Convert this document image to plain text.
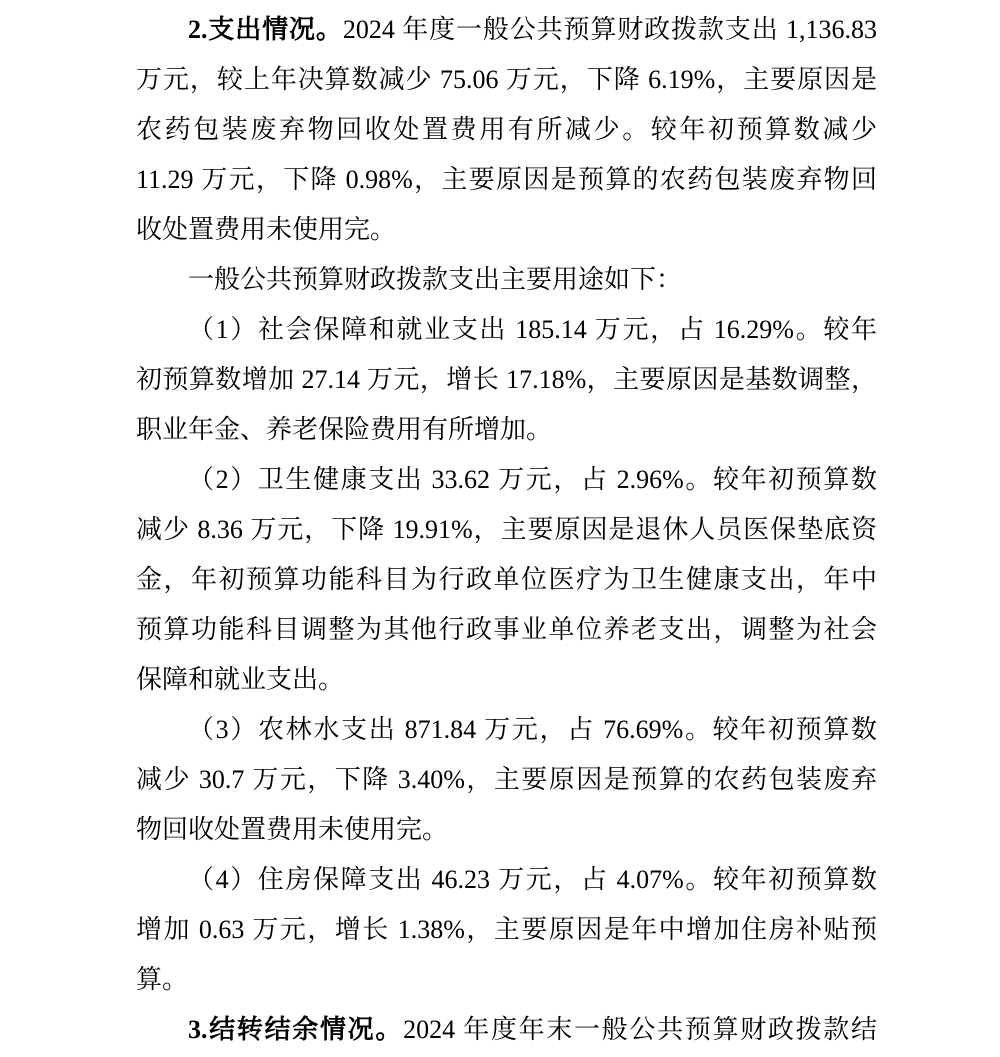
2.支出情况。2024 年度一般公共预算财政拨款支出 1,136.83
万元，较上年决算数减少 75.06 万元，下降 6.19%，主要原因是
农药包装废弃物回收处置费用有所减少。较年初预算数减少
11.29 万元，下降 0.98%，主要原因是预算的农药包装废弃物回
收处置费用未使用完。
一般公共预算财政拨款支出主要用途如下：
（1）社会保障和就业支出 185.14 万元，占 16.29%。较年
初预算数增加 27.14 万元，增长 17.18%，主要原因是基数调整，
职业年金、养老保险费用有所增加。
（2）卫生健康支出 33.62 万元，占 2.96%。较年初预算数
减少 8.36 万元，下降 19.91%，主要原因是退休人员医保垫底资
金，年初预算功能科目为行政单位医疗为卫生健康支出，年中
预算功能科目调整为其他行政事业单位养老支出，调整为社会
保障和就业支出。
（3）农林水支出 871.84 万元，占 76.69%。较年初预算数
减少 30.7 万元，下降 3.40%，主要原因是预算的农药包装废弃
物回收处置费用未使用完。
（4）住房保障支出 46.23 万元，占 4.07%。较年初预算数
增加 0.63 万元，增长 1.38%，主要原因是年中增加住房补贴预
算。
3.结转结余情况。2024 年度年末一般公共预算财政拨款结
